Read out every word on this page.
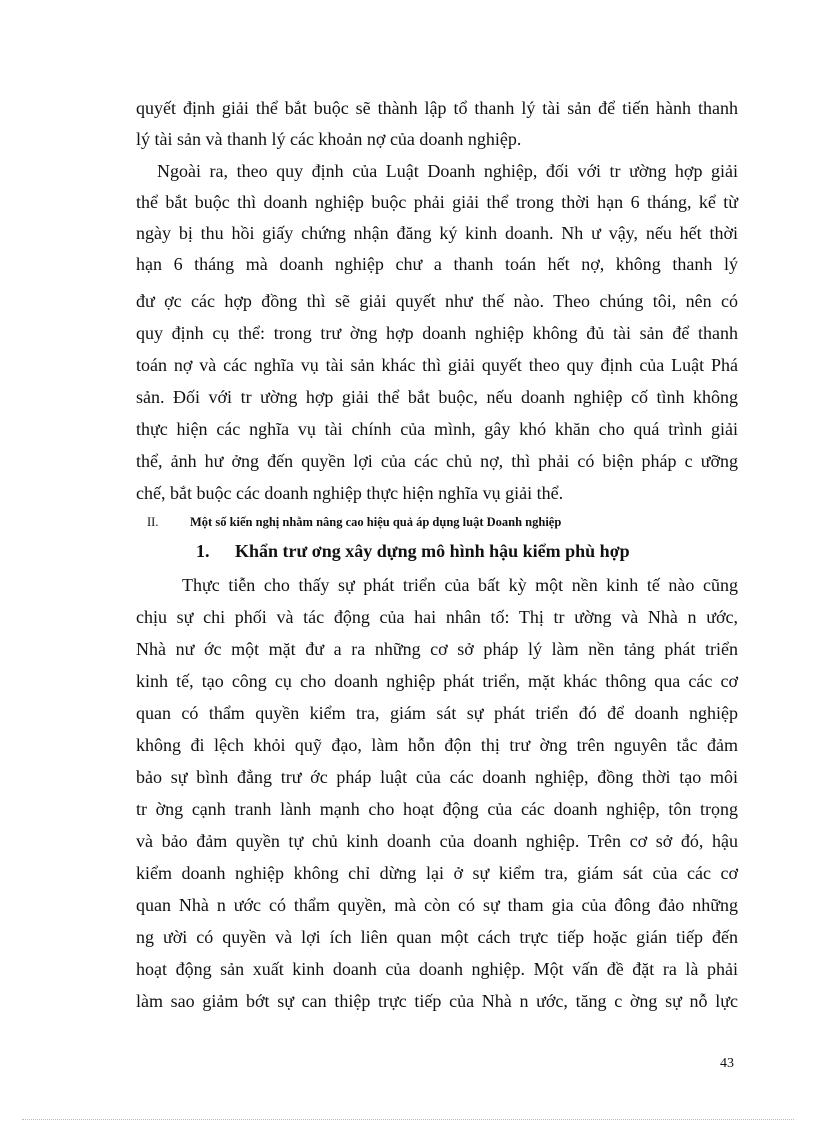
quyết định giải thể bắt buộc sẽ thành lập tổ thanh lý tài sản để tiến hành thanh
lý tài sản và thanh lý các khoản nợ của doanh nghiệp.
Ngoài ra, theo quy định của Luật Doanh nghiệp, đối với tr ường hợp giải
thể bắt buộc thì doanh nghiệp buộc phải giải thể trong thời hạn 6 tháng, kể từ
ngày bị thu hồi giấy chứng nhận đăng ký kinh doanh. Nh ư vậy, nếu hết thời
hạn 6 tháng mà doanh nghiệp chư a thanh toán hết nợ, không thanh lý
đư ợc các hợp đồng thì sẽ giải quyết như thế nào. Theo chúng tôi, nên có
quy định cụ thể: trong trư ờng hợp doanh nghiệp không đủ tài sản để thanh
toán nợ và các nghĩa vụ tài sản khác thì giải quyết theo quy định của Luật Phá
sản. Đối với tr ường hợp giải thể bắt buộc, nếu doanh nghiệp cố tình không
thực hiện các nghĩa vụ tài chính của mình, gây khó khăn cho quá trình giải
thể, ảnh hư ởng đến quyền lợi của các chủ nợ, thì phải có biện pháp c ưỡng
chế, bắt buộc các doanh nghiệp thực hiện nghĩa vụ giải thể.
II.	Một số kiến nghị nhằm nâng cao hiệu quả áp dụng luật Doanh nghiệp
1. Khẩn trư ơng xây dựng mô hình hậu kiểm phù hợp
Thực tiễn cho thấy sự phát triển của bất kỳ một nền kinh tế nào cũng
chịu sự chi phối và tác động của hai nhân tố: Thị tr ường và Nhà n ước,
Nhà nư ớc một mặt đư a ra những cơ sở pháp lý làm nền tảng phát triển
kinh tế, tạo công cụ cho doanh nghiệp phát triển, mặt khác thông qua các cơ
quan có thẩm quyền kiểm tra, giám sát sự phát triển đó để doanh nghiệp
không đi lệch khỏi quỹ đạo, làm hỗn độn thị trư ờng trên nguyên tắc đảm
bảo sự bình đẳng trư ớc pháp luật của các doanh nghiệp, đồng thời tạo môi
tr ờng cạnh tranh lành mạnh cho hoạt động của các doanh nghiệp, tôn trọng
và bảo đảm quyền tự chủ kinh doanh của doanh nghiệp. Trên cơ sở đó, hậu
kiểm doanh nghiệp không chỉ dừng lại ở sự kiểm tra, giám sát của các cơ
quan Nhà n ước có thẩm quyền, mà còn có sự tham gia của đông đảo những
ng ười có quyền và lợi ích liên quan một cách trực tiếp hoặc gián tiếp đến
hoạt động sản xuất kinh doanh của doanh nghiệp. Một vấn đề đặt ra là phải
làm sao giảm bớt sự can thiệp trực tiếp của Nhà n ước, tăng c ờng sự nỗ lực
43
